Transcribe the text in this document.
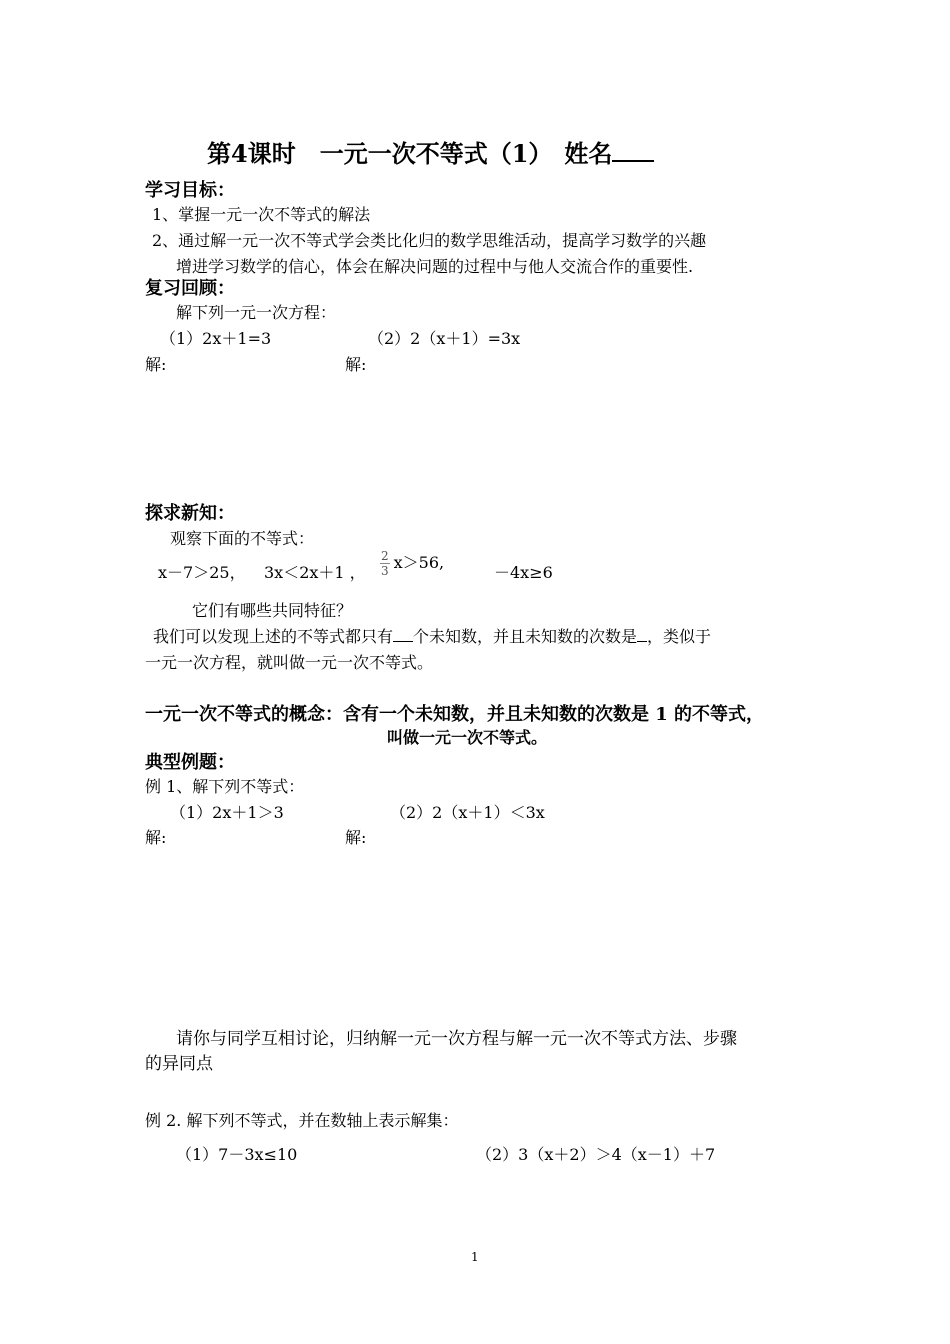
第4课时　一元一次不等式（1）　姓名
学习目标：
1、掌握一元一次不等式的解法
2、通过解一元一次不等式学会类比化归的数学思维活动，提高学习数学的兴趣
增进学习数学的信心，体会在解决问题的过程中与他人交流合作的重要性.
复习回顾：
解下列一元一次方程：
（1）2x＋1=3	（2）2（x＋1）=3x
解:	解:
探求新知：
观察下面的不等式：
x－7＞25， 3x＜2x＋1 ， $\frac{2}{3} x>56$,
－4x≥6
它们有哪些共同特征？
我们可以发现上述的不等式都只有 个未知数，并且未知数的次数是 ，类似于
一元一次方程，就叫做一元一次不等式。
一元一次不等式的概念：含有一个未知数，并且未知数的次数是 1 的不等式，
叫做一元一次不等式。
典型例题：
例 1、解下列不等式：
（1）2x＋1＞3	（2）2（x＋1）＜3x
解:	解:
请你与同学互相讨论，归纳解一元一次方程与解一元一次不等式方法、步骤
的异同点
例 2. 解下列不等式，并在数轴上表示解集：
（1）7－3x≤10	（2）3（x＋2）＞4（x－1）＋7
1
